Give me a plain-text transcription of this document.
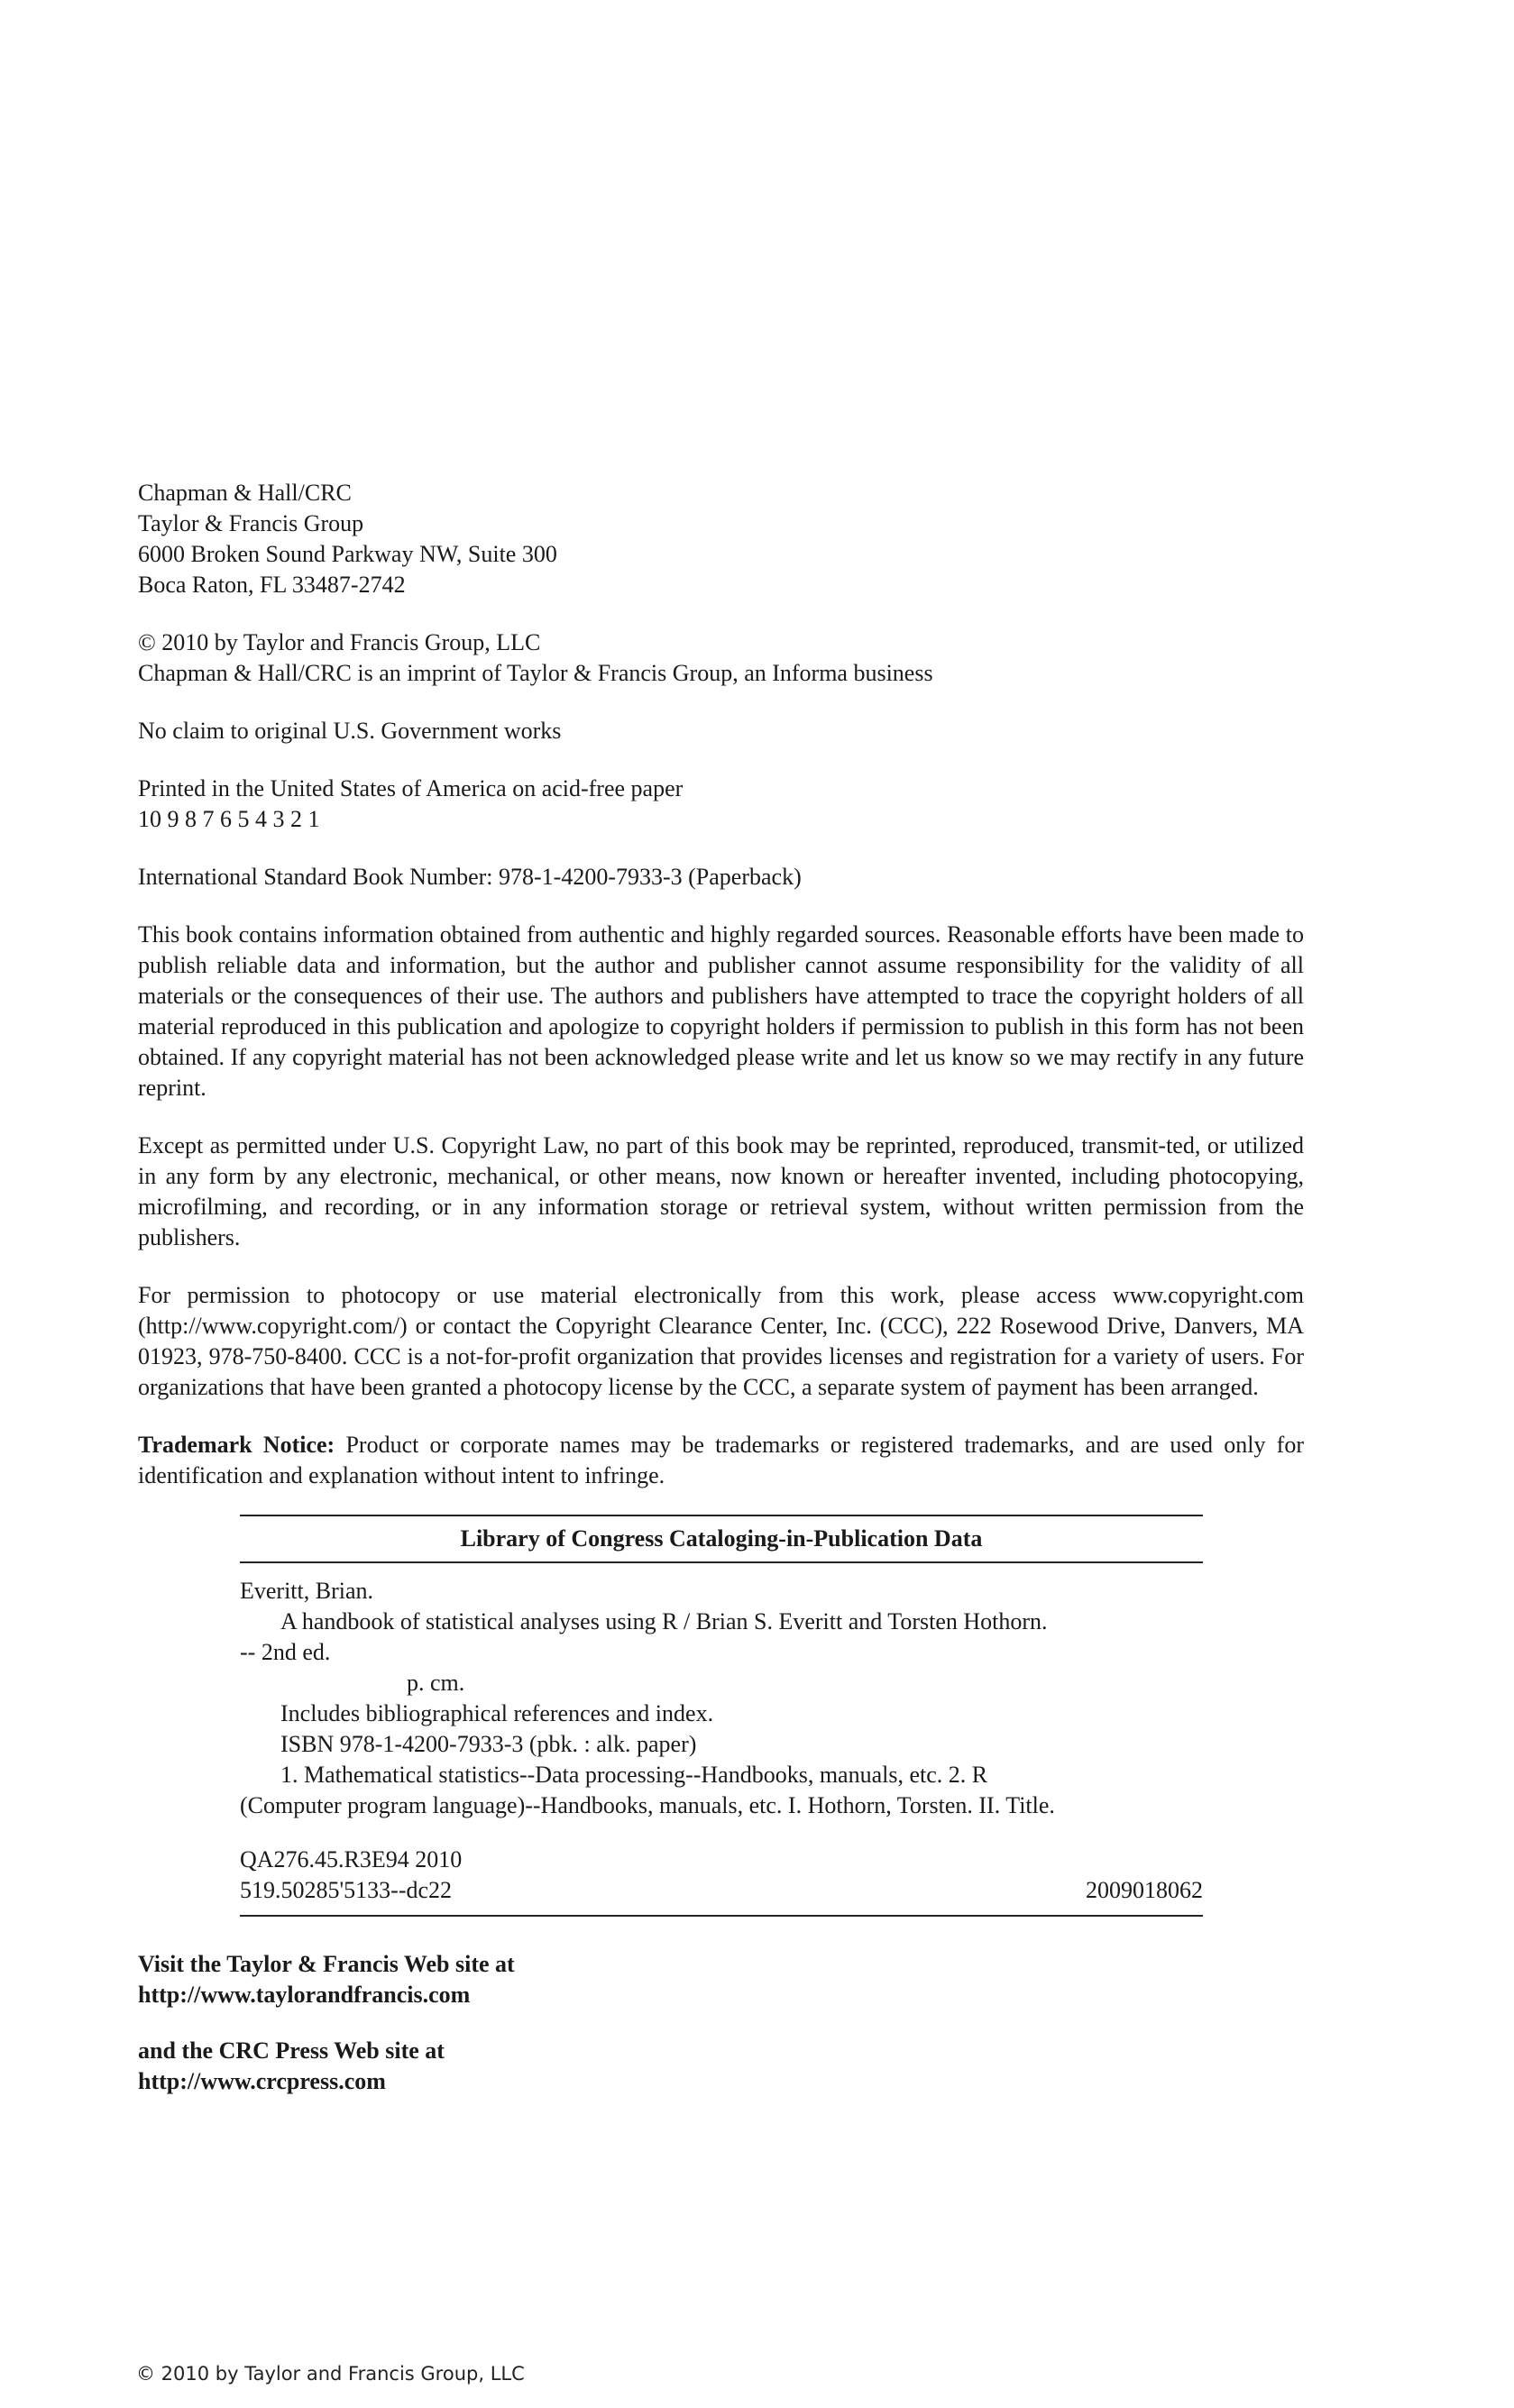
Chapman & Hall/CRC
Taylor & Francis Group
6000 Broken Sound Parkway NW, Suite 300
Boca Raton, FL 33487-2742
© 2010 by Taylor and Francis Group, LLC
Chapman & Hall/CRC is an imprint of Taylor & Francis Group, an Informa business
No claim to original U.S. Government works
Printed in the United States of America on acid-free paper
10 9 8 7 6 5 4 3 2 1
International Standard Book Number: 978-1-4200-7933-3 (Paperback)

This book contains information obtained from authentic and highly regarded sources. Reasonable efforts have been made to publish reliable data and information, but the author and publisher cannot assume responsibility for the validity of all materials or the consequences of their use. The authors and publishers have attempted to trace the copyright holders of all material reproduced in this publication and apologize to copyright holders if permission to publish in this form has not been obtained. If any copyright material has not been acknowledged please write and let us know so we may rectify in any future reprint.

Except as permitted under U.S. Copyright Law, no part of this book may be reprinted, reproduced, transmit-ted, or utilized in any form by any electronic, mechanical, or other means, now known or hereafter invented, including photocopying, microfilming, and recording, or in any information storage or retrieval system, without written permission from the publishers.

For permission to photocopy or use material electronically from this work, please access www.copyright.com (http://www.copyright.com/) or contact the Copyright Clearance Center, Inc. (CCC), 222 Rosewood Drive, Danvers, MA 01923, 978-750-8400. CCC is a not-for-profit organization that provides licenses and registration for a variety of users. For organizations that have been granted a photocopy license by the CCC, a separate system of payment has been arranged.

Trademark Notice: Product or corporate names may be trademarks or registered trademarks, and are used only for identification and explanation without intent to infringe.

Library of Congress Cataloging-in-Publication Data
Everitt, Brian.
A handbook of statistical analyses using R / Brian S. Everitt and Torsten Hothorn.
-- 2nd ed.
p. cm.
Includes bibliographical references and index.
ISBN 978-1-4200-7933-3 (pbk. : alk. paper)
1. Mathematical statistics--Data processing--Handbooks, manuals, etc. 2. R
(Computer program language)--Handbooks, manuals, etc. I. Hothorn, Torsten. II. Title.
QA276.45.R3E94 2010
519.50285'5133--dc22	2009018062
Visit the Taylor & Francis Web site at
http://www.taylorandfrancis.com
and the CRC Press Web site at
http://www.crcpress.com
© 2010 by Taylor and Francis Group, LLC
